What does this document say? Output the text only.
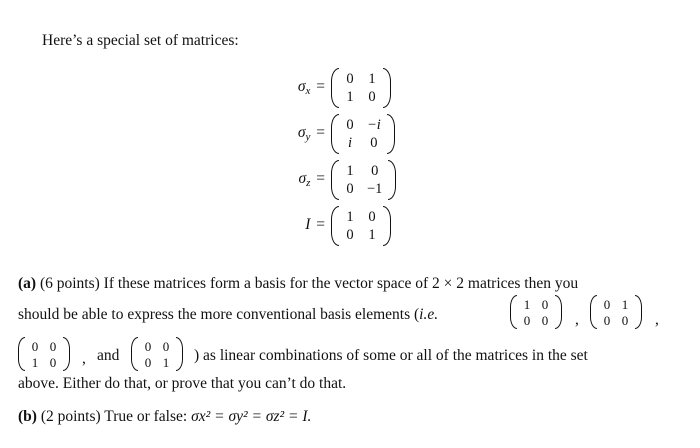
Here’s a special set of matrices:
$\sigma_x = 0$ 1
1 0
$\sigma_y = 0 -i$
i 0
$\sigma_z = 1$ 0
0 −1
I = 1 0
0 1
(a) (6 points) If these matrices form a basis for the vector space of 2 × 2 matrices then you
should be able to express the more conventional basis elements (i.e.
1 0
0 0 ,
0 1
0 0 ,
0 0
1 0 , and
0 0
0 1 ) as linear combinations of some or all of the matrices in the set
above. Either do that, or prove that you can’t do that.
(b) (2 points) True or false: σx² = σy² = σz² = I.
